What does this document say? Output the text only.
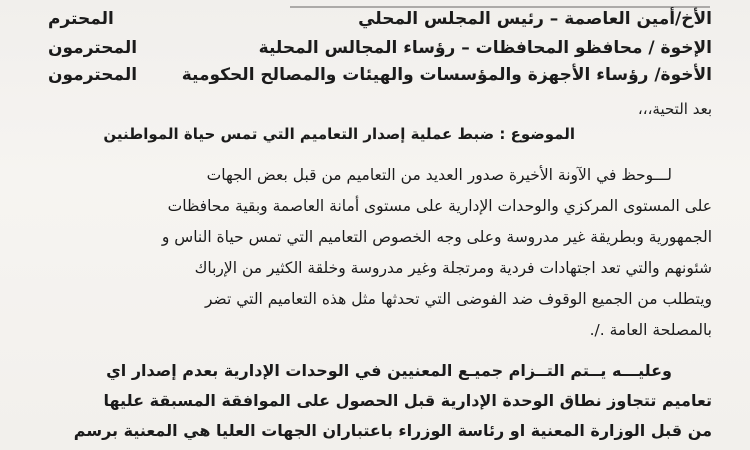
الأخ/أمين العاصمة – رئيس المجلس المحلي
المحترم
الإخوة / محافظو المحافظات – رؤساء المجالس المحلية
المحترمون
الأخوة/ رؤساء الأجهزة والمؤسسات والهيئات والمصالح الحكومية
المحترمون
بعد التحية،،،
الموضوع : ضبط عملية إصدار التعاميم التي تمس حياة المواطنين
لـــوحظ في الآونة الأخيرة صدور العديد من التعاميم من قبل بعض الجهات
على المستوى المركزي والوحدات الإدارية على مستوى أمانة العاصمة وبقية محافظات
الجمهورية وبطريقة غير مدروسة وعلى وجه الخصوص التعاميم التي تمس حياة الناس و
شئونهم والتي تعد اجتهادات فردية ومرتجلة وغير مدروسة وخلقة الكثير من الإرباك
ويتطلب من الجميع الوقوف ضد الفوضى التي تحدثها مثل هذه التعاميم التي تضر
بالمصلحة العامة ./.
وعليـــه يــتم التــزام جميـع المعنيين في الوحدات الإدارية بعدم إصدار اي
تعاميم تتجاوز نطاق الوحدة الإدارية قبل الحصول على الموافقة المسبقة عليها
من قبل الوزارة المعنية او رئاسة الوزراء باعتباران الجهات العليا هي المعنية برسم
